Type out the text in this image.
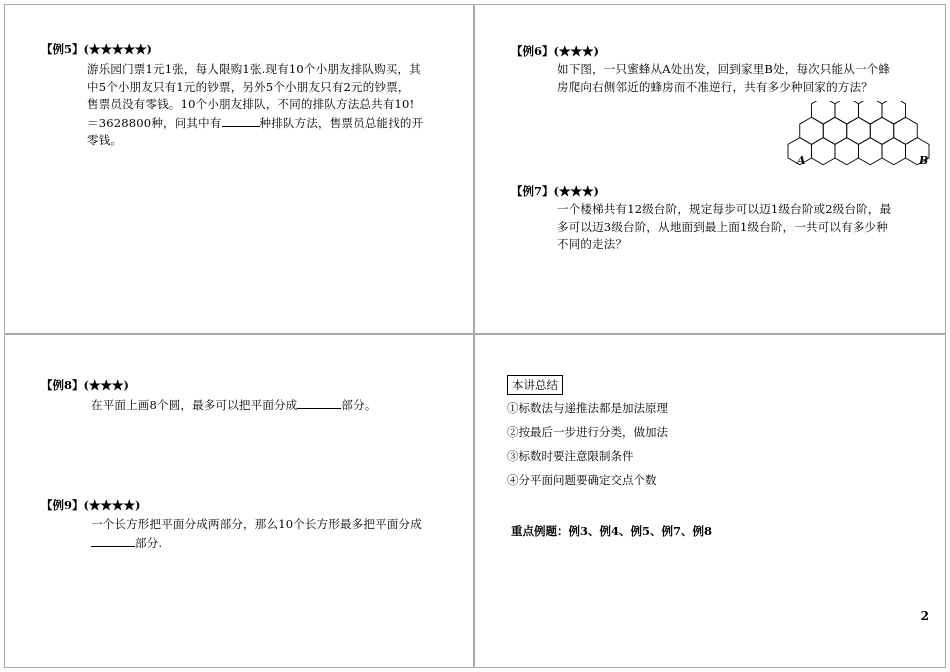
【例5】(★★★★★)
游乐园门票1元1张，每人限购1张.现有10个小朋友排队购买，其
中5个小朋友只有1元的钞票，另外5个小朋友只有2元的钞票，
售票员没有零钱。10个小朋友排队，不同的排队方法总共有10!
＝3628800种，问其中有	种排队方法，售票员总能找的开
零钱。
【例6】(★★★)
如下图，一只蜜蜂从A处出发，回到家里B处，每次只能从一个蜂
房爬向右侧邻近的蜂房而不准逆行，共有多少种回家的方法？
A	B
【例7】(★★★)
一个楼梯共有12级台阶，规定每步可以迈1级台阶或2级台阶，最
多可以迈3级台阶，从地面到最上面1级台阶，一共可以有多少种
不同的走法？
【例8】(★★★)
在平面上画8个圆，最多可以把平面分成	部分。
【例9】(★★★★)
一个长方形把平面分成两部分，那么10个长方形最多把平面分成
部分.
本讲总结
①标数法与递推法都是加法原理
②按最后一步进行分类，做加法
③标数时要注意限制条件
④分平面问题要确定交点个数
重点例题：例3、例4、例5、例7、例8
2
